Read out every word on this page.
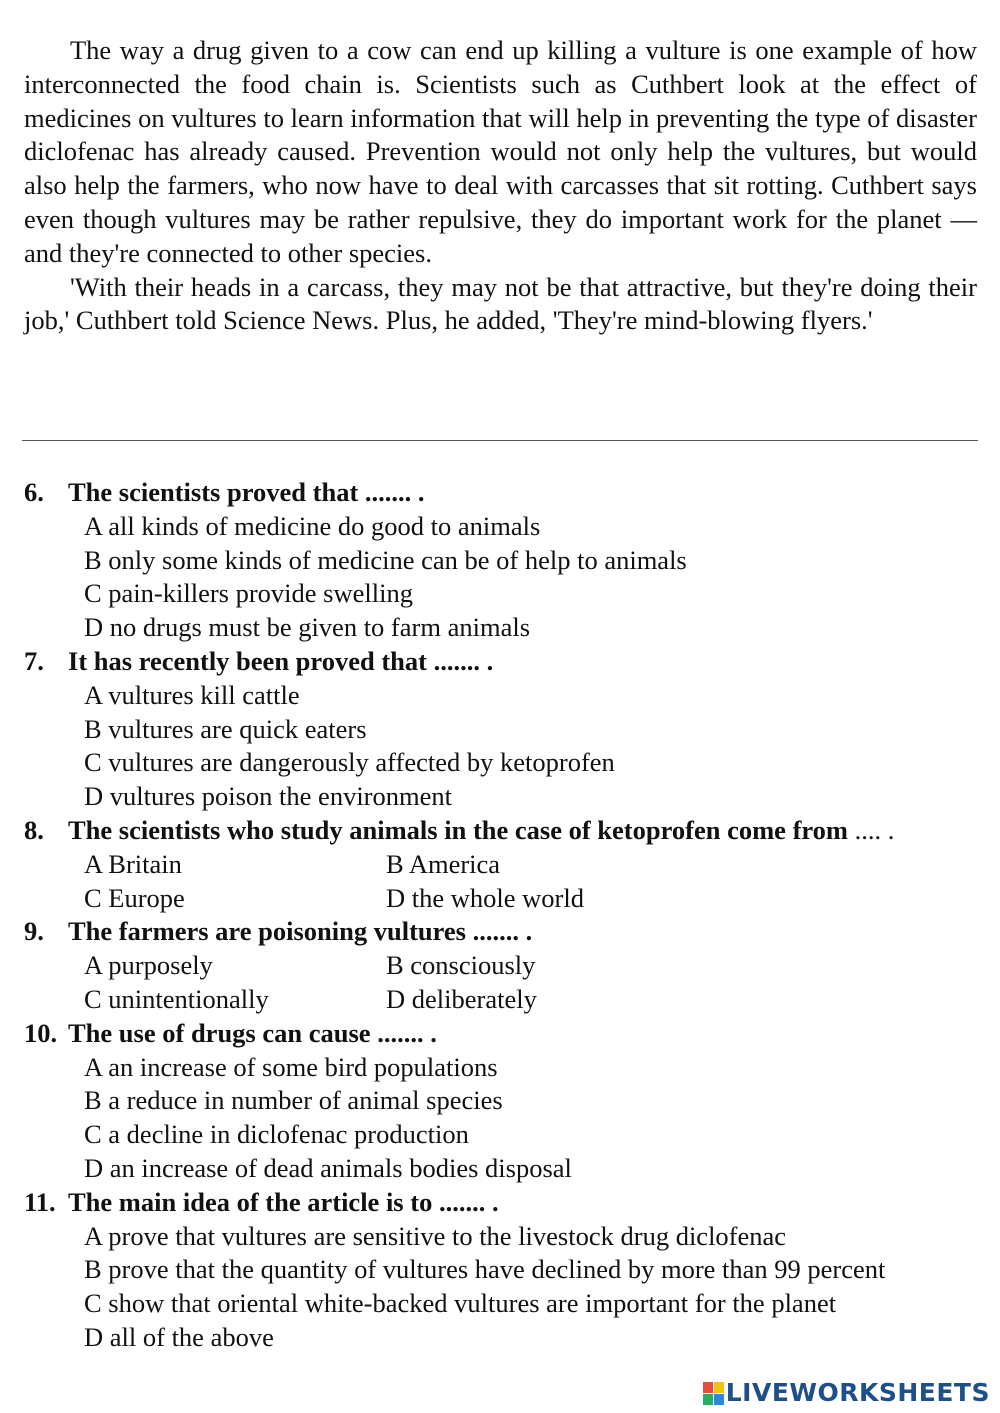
The way a drug given to a cow can end up killing a vulture is one example of how interconnected the food chain is. Scientists such as Cuthbert look at the effect of medicines on vultures to learn information that will help in preventing the type of disaster diclofenac has already caused. Prevention would not only help the vultures, but would also help the farmers, who now have to deal with carcasses that sit rotting. Cuthbert says even though vultures may be rather repulsive, they do important work for the planet — and they're connected to other species.

'With their heads in a carcass, they may not be that attractive, but they're doing their job,' Cuthbert told Science News. Plus, he added, 'They're mind-blowing flyers.'

6. The scientists proved that ....... .
A all kinds of medicine do good to animals
B only some kinds of medicine can be of help to animals
C pain-killers provide swelling
D no drugs must be given to farm animals
7. It has recently been proved that ....... .
A vultures kill cattle
B vultures are quick eaters
C vultures are dangerously affected by ketoprofen
D vultures poison the environment
8. The scientists who study animals in the case of ketoprofen come from .... .
A Britain	B America
C Europe	D the whole world
9. The farmers are poisoning vultures ....... .
A purposely	B consciously
C unintentionally	D deliberately
10. The use of drugs can cause ....... .
A an increase of some bird populations
B a reduce in number of animal species
C a decline in diclofenac production
D an increase of dead animals bodies disposal
11. The main idea of the article is to ....... .
A prove that vultures are sensitive to the livestock drug diclofenac
B prove that the quantity of vultures have declined by more than 99 percent
C show that oriental white-backed vultures are important for the planet
D all of the above
LIVEWORKSHEETS
